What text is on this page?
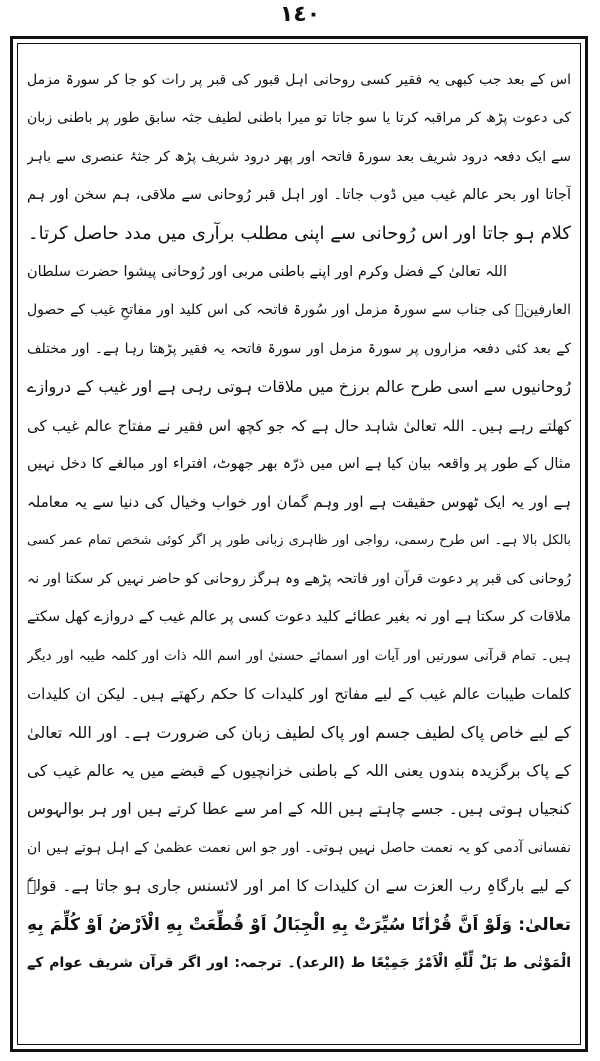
١٤٠
اس کے بعد جب کبھی یہ فقیر کسی روحانی اہل قبور کی قبر پر رات کو جا کر سورۃ مزمل
کی دعوت پڑھ کر مراقبہ کرتا یا سو جاتا تو میرا باطنی لطیف جثہ سابق طور پر باطنی زبان
سے ایک دفعہ درود شریف بعد سورۃ فاتحہ اور پھر درود شریف پڑھ کر جثۂ عنصری سے باہر
آجاتا اور بحر عالم غیب میں ڈوب جاتا۔ اور اہل قبر رُوحانی سے ملاقی، ہم سخن اور ہم
کلام ہو جاتا اور اس رُوحانی سے اپنی مطلب برآری میں مدد حاصل کرتا۔
اللہ تعالیٰ کے فضل وکرم اور اپنے باطنی مربی اور رُوحانی پیشوا حضرت سلطان
العارفینؒ کی جناب سے سورۃ مزمل اور سُورۃ فاتحہ کی اس کلید اور مفاتحِ غیب کے حصول
کے بعد کئی دفعہ مزاروں پر سورۃ مزمل اور سورۃ فاتحہ یہ فقیر پڑھتا رہا ہے۔ اور مختلف
رُوحانیوں سے اسی طرح عالم برزخ میں ملاقات ہوتی رہی ہے اور غیب کے دروازے
کھلتے رہے ہیں۔ اللہ تعالیٰ شاہد حال ہے کہ جو کچھ اس فقیر نے مفتاح عالم غیب کی
مثال کے طور پر واقعہ بیان کیا ہے اس میں ذرّہ بھر جھوٹ، افتراء اور مبالغے کا دخل نہیں
ہے اور یہ ایک ٹھوس حقیقت ہے اور وہم گمان اور خواب وخیال کی دنیا سے یہ معاملہ
بالکل بالا ہے۔ اس طرح رسمی، رواجی اور ظاہری زبانی طور پر اگر کوئی شخص تمام عمر کسی
رُوحانی کی قبر پر دعوت قرآن اور فاتحہ پڑھے وہ ہرگز روحانی کو حاضر نہیں کر سکتا اور نہ
ملاقات کر سکتا ہے اور نہ بغیر عطائے کلید دعوت کسی پر عالم غیب کے دروازے کھل سکتے
ہیں۔ تمام قرآنی سورتیں اور آیات اور اسمائے حسنیٰ اور اسم اللہ ذات اور کلمہ طیبہ اور دیگر
کلمات طیبات عالم غیب کے لیے مفاتح اور کلیدات کا حکم رکھتے ہیں۔ لیکن ان کلیدات
کے لیے خاص پاک لطیف جسم اور پاک لطیف زبان کی ضرورت ہے۔ اور اللہ تعالیٰ
کے پاک برگزیدہ بندوں یعنی اللہ کے باطنی خزانچیوں کے قبضے میں یہ عالم غیب کی
کنجیاں ہوتی ہیں۔ جسے چاہتے ہیں اللہ کے امر سے عطا کرتے ہیں اور ہر بوالہوس
نفسانی آدمی کو یہ نعمت حاصل نہیں ہوتی۔ اور جو اس نعمت عظمیٰ کے اہل ہوتے ہیں ان
کے لیے بارگاہِ رب العزت سے ان کلیدات کا امر اور لائسنس جاری ہو جاتا ہے۔ قولہٗ
تعالیٰ: وَلَوْ اَنَّ قُرْاٰنًا سُيِّرَتْ بِهِ الْجِبَالُ اَوْ قُطِّعَتْ بِهِ الْاَرْضُ اَوْ كُلِّمَ بِهِ
الْمَوْتٰى ط بَلْ لِّلّٰهِ الْاَمْرُ جَمِيْعًا ط (الرعد)۔ ترجمہ: اور اگر قرآن شریف عوام کے
